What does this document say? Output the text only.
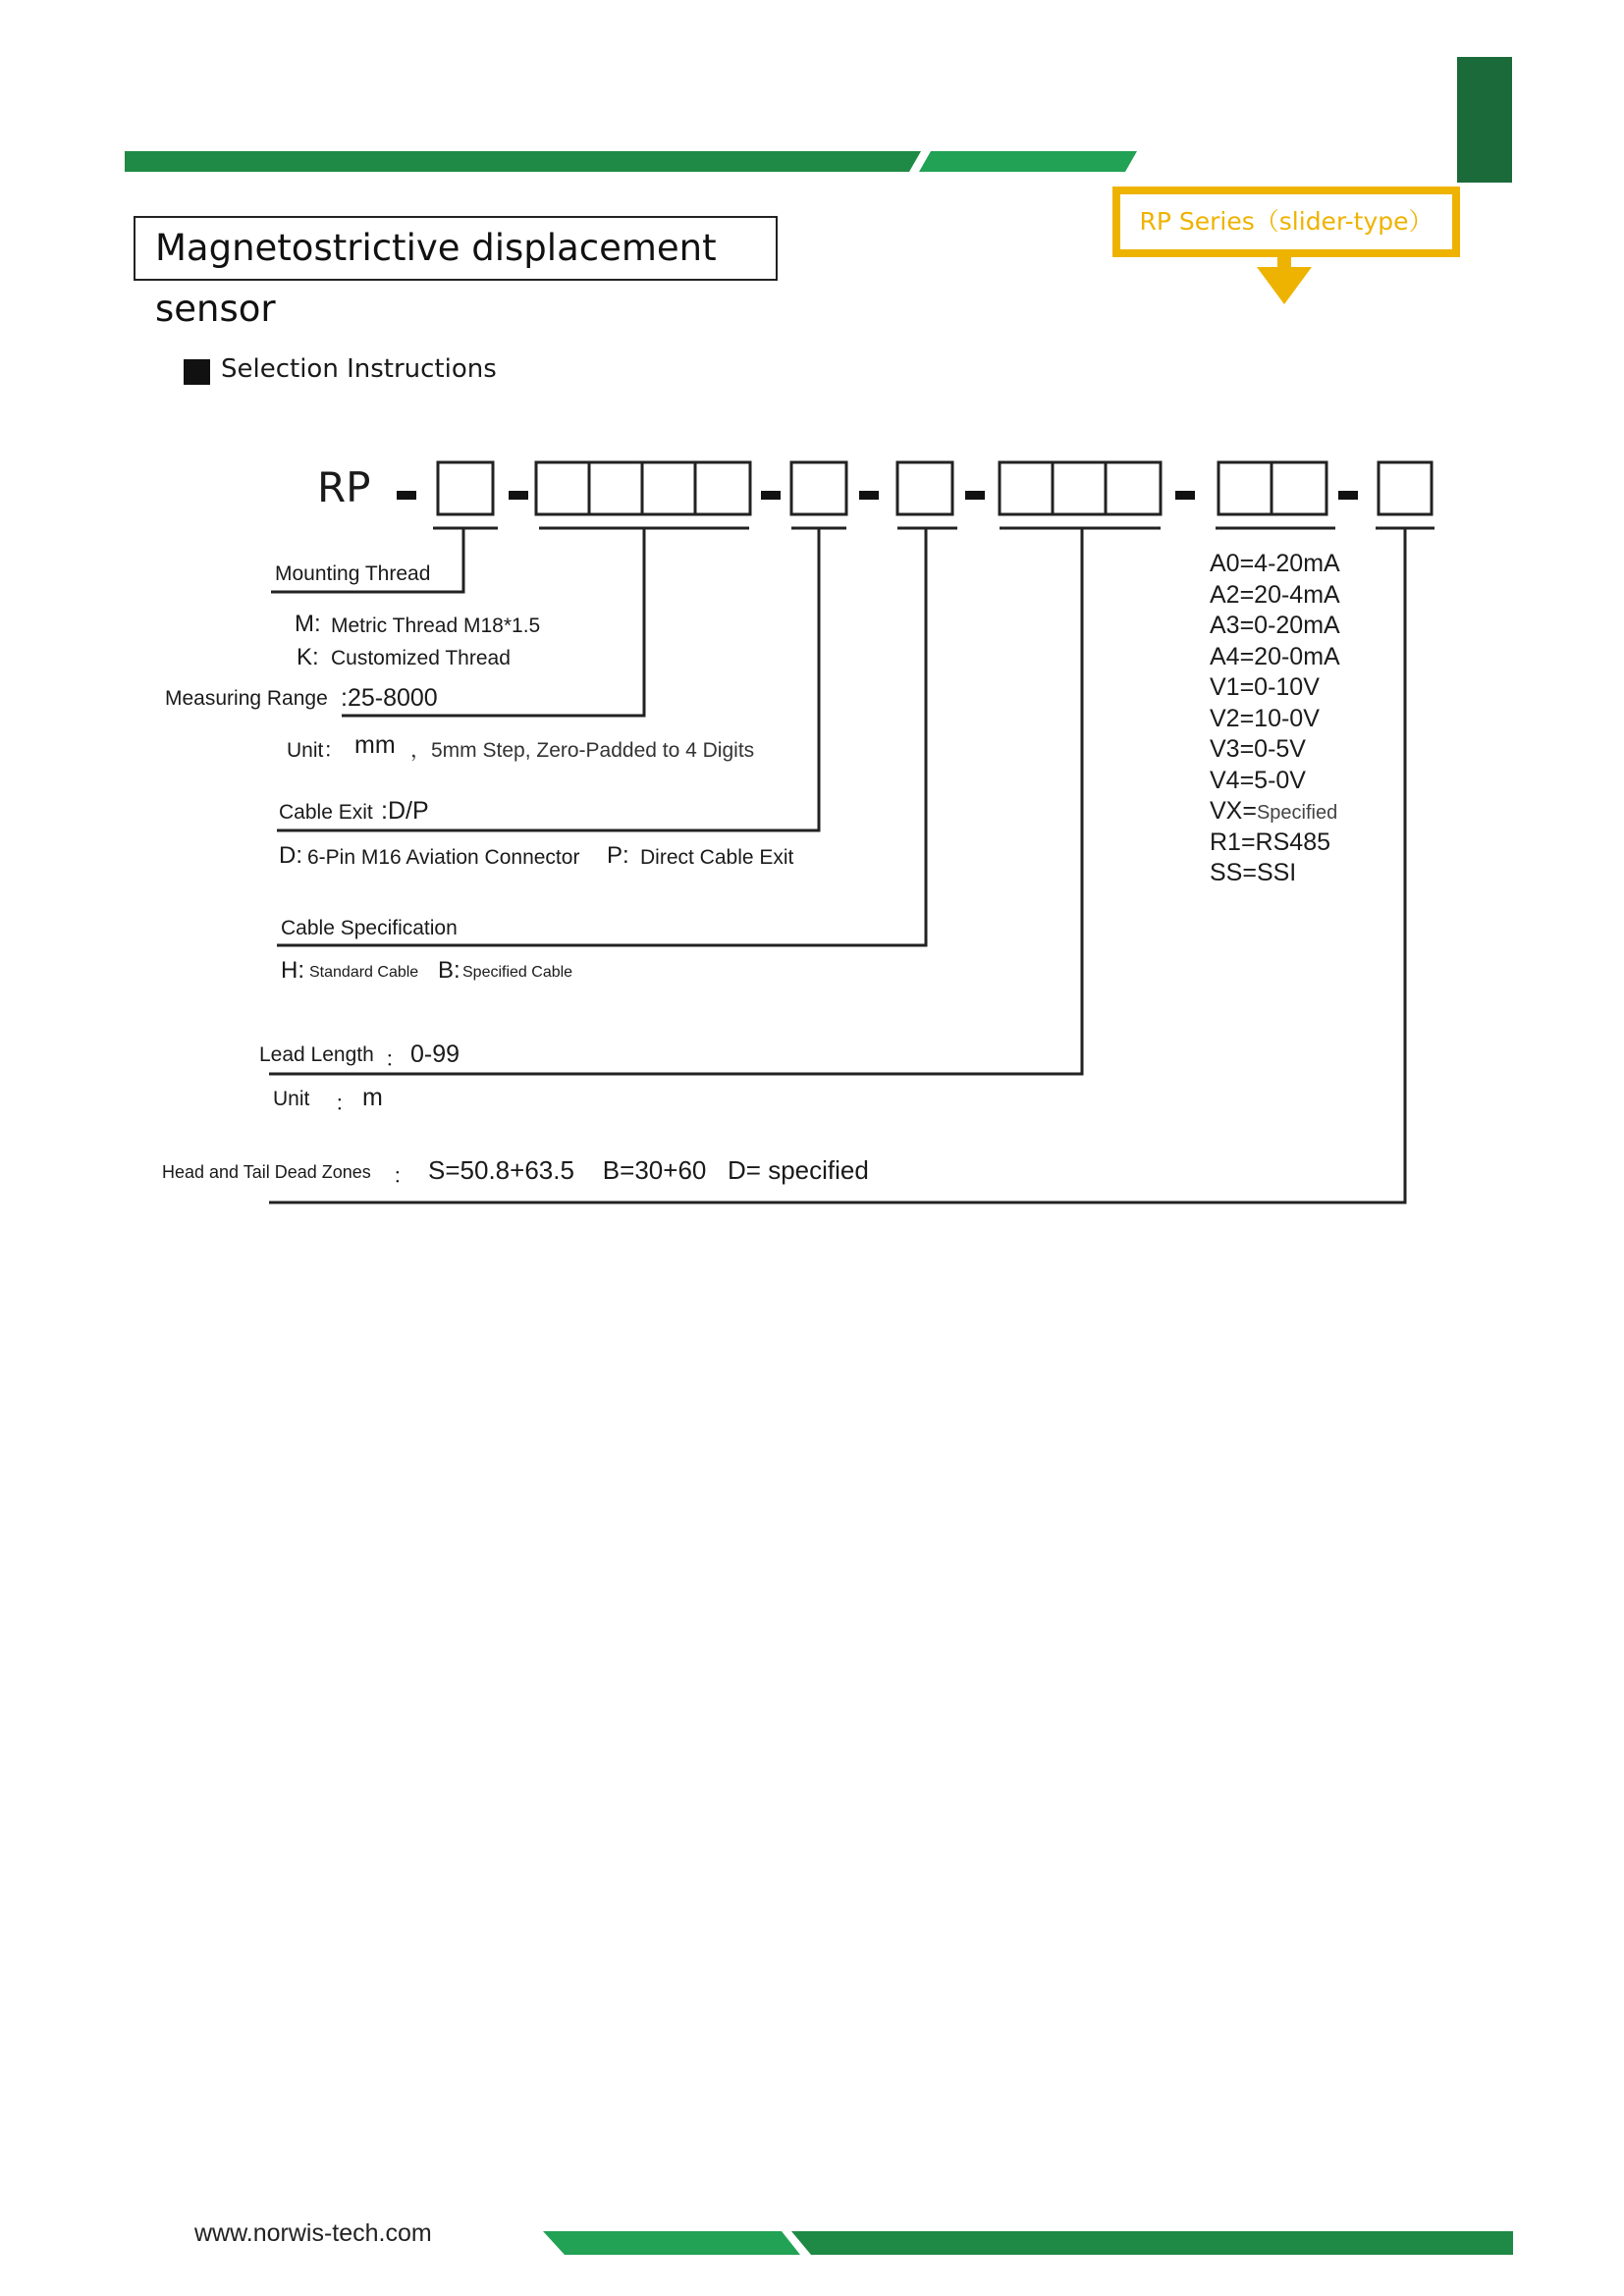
Magnetostrictive displacement sensor
RP Series（slider-type）
Selection Instructions
RP
Mounting Thread
M: Metric Thread M18*1.5
K: Customized Thread
Measuring Range :25-8000
Unit： mm ，5mm Step, Zero-Padded to 4 Digits
Cable Exit :D/P
D: 6-Pin M16 Aviation Connector P: Direct Cable Exit
Cable Specification
H: Standard Cable B: Specified Cable
Lead Length ： 0-99
Unit ： m
Head and Tail Dead Zones ： S=50.8+63.5    B=30+60   D= specified
A0=4-20mA
A2=20-4mA
A3=0-20mA
A4=20-0mA
V1=0-10V
V2=10-0V
V3=0-5V
V4=5-0V
VX=Specified
R1=RS485
SS=SSI
www.norwis-tech.com
